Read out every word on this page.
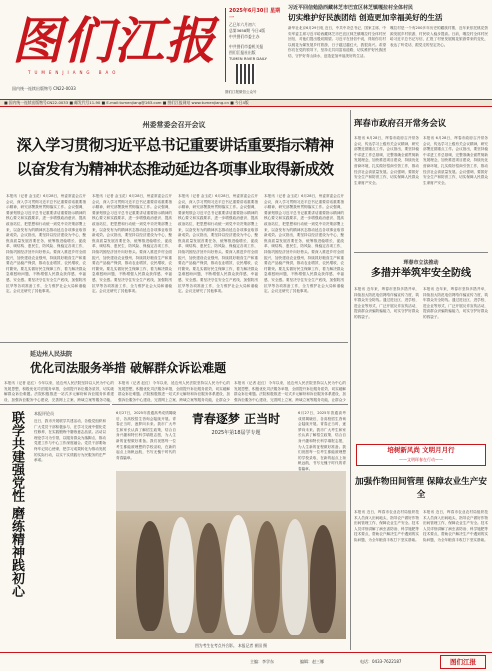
图们江报
TUMENJIANG BAO
国内统一连续出版物号 CN22-0033
2025年6月30日 星期一
乙巳年六月初六
总第3658期 今日4版
中共图们市委主办
中共图们市委机关报
图们江报社出版
TUMEN RIVER DAILY
图们江报微信公众号
习近平回信勉励西藏林芝市巴宜区林芝镇嘎拉村全体村民
切实维护好民族团结 创造更加幸福美好的生活
新华社北京6月29日电 近日，中共中央总书记、国家主席、中央军委主席习近平给西藏林芝市巴宜区林芝镇嘎拉村全体村民回信，对他们提出殷切期望。习近平在回信中说，得知你们村以桃花为媒发展乡村旅游，日子越过越红火，我很高兴。希望你们在党的领导下，坚持走共同富裕道路，切实维护好民族团结，守护好青山绿水，创造更加幸福美好的生活。
嘎拉村是一个有200多年历史的藏族村寨，近年来依托桃花资源发展乡村旅游，村民收入稳步提高。日前，嘎拉村全体村民给习近平总书记写信，汇报了村里发展桃花旅游带来的变化，表达了听党话、跟党走的坚定决心。
■ 国内统一连续出版物号CN22-0033 ■ 邮发代号11-90 ■ E-mail:tumenjiang@163.com ■ 图们江报网站 www.tumenjiang.cn ■ 今日4版
州委常委会召开会议
深入学习贯彻习近平总书记重要讲话重要指示精神
以奋发有为精神状态推动延边各项事业取得新成效
本报讯（记者 金玉花）6月28日，州委常委会召开会议，深入学习贯彻习近平总书记重要讲话重要指示精神，研究部署我州贯彻落实工作。会议强调，要深刻领会习近平总书记重要讲话重要指示精神的核心要义和实践要求，进一步增强政治意识、提高政治站位，把思想和行动统一到党中央决策部署上来，以奋发有为的精神状态推动延边各项事业取得新成效。会议指出，要坚持以经济建设为中心，聚焦高质量发展首要任务，统筹推进稳增长、促改革、调结构、惠民生、防风险、保稳定各项工作，持续巩固经济回升向好势头。要深入推进乡村全面振兴，加快建设农业强州，持续抓好粮食生产和重要农产品稳产保供，推动农业增效、农民增收、农村繁荣。要扎实做好民生保障工作，着力解决群众急难愁盼问题，不断增强人民群众获得感、幸福感、安全感。要坚决守住安全生产底线，加强防汛抗旱等各项准备工作，全力维护社会大局和谐稳定。会议还研究了其他事项。
本报讯（记者 金玉花）6月28日，州委常委会召开会议，深入学习贯彻习近平总书记重要讲话重要指示精神，研究部署我州贯彻落实工作。会议强调，要深刻领会习近平总书记重要讲话重要指示精神的核心要义和实践要求，进一步增强政治意识、提高政治站位，把思想和行动统一到党中央决策部署上来，以奋发有为的精神状态推动延边各项事业取得新成效。会议指出，要坚持以经济建设为中心，聚焦高质量发展首要任务，统筹推进稳增长、促改革、调结构、惠民生、防风险、保稳定各项工作，持续巩固经济回升向好势头。要深入推进乡村全面振兴，加快建设农业强州，持续抓好粮食生产和重要农产品稳产保供，推动农业增效、农民增收、农村繁荣。要扎实做好民生保障工作，着力解决群众急难愁盼问题，不断增强人民群众获得感、幸福感、安全感。要坚决守住安全生产底线，加强防汛抗旱等各项准备工作，全力维护社会大局和谐稳定。会议还研究了其他事项。
本报讯（记者 金玉花）6月28日，州委常委会召开会议，深入学习贯彻习近平总书记重要讲话重要指示精神，研究部署我州贯彻落实工作。会议强调，要深刻领会习近平总书记重要讲话重要指示精神的核心要义和实践要求，进一步增强政治意识、提高政治站位，把思想和行动统一到党中央决策部署上来，以奋发有为的精神状态推动延边各项事业取得新成效。会议指出，要坚持以经济建设为中心，聚焦高质量发展首要任务，统筹推进稳增长、促改革、调结构、惠民生、防风险、保稳定各项工作，持续巩固经济回升向好势头。要深入推进乡村全面振兴，加快建设农业强州，持续抓好粮食生产和重要农产品稳产保供，推动农业增效、农民增收、农村繁荣。要扎实做好民生保障工作，着力解决群众急难愁盼问题，不断增强人民群众获得感、幸福感、安全感。要坚决守住安全生产底线，加强防汛抗旱等各项准备工作，全力维护社会大局和谐稳定。会议还研究了其他事项。
本报讯（记者 金玉花）6月28日，州委常委会召开会议，深入学习贯彻习近平总书记重要讲话重要指示精神，研究部署我州贯彻落实工作。会议强调，要深刻领会习近平总书记重要讲话重要指示精神的核心要义和实践要求，进一步增强政治意识、提高政治站位，把思想和行动统一到党中央决策部署上来，以奋发有为的精神状态推动延边各项事业取得新成效。会议指出，要坚持以经济建设为中心，聚焦高质量发展首要任务，统筹推进稳增长、促改革、调结构、惠民生、防风险、保稳定各项工作，持续巩固经济回升向好势头。要深入推进乡村全面振兴，加快建设农业强州，持续抓好粮食生产和重要农产品稳产保供，推动农业增效、农民增收、农村繁荣。要扎实做好民生保障工作，着力解决群众急难愁盼问题，不断增强人民群众获得感、幸福感、安全感。要坚决守住安全生产底线，加强防汛抗旱等各项准备工作，全力维护社会大局和谐稳定。会议还研究了其他事项。
延边州人民法院
优化司法服务举措 破解群众诉讼难题
本报讯（记者 赵红）今年以来，延边州人民法院坚持以人民为中心的发展思想，积极优化司法服务举措，全面提升诉讼服务质效，切实破解群众诉讼难题。法院积极推进一站式多元解纷和诉讼服务体系建设，加强诉讼服务中心建设，完善网上立案、跨域立案等服务功能，
本报讯（记者 赵红）今年以来，延边州人民法院坚持以人民为中心的发展思想，积极优化司法服务举措，全面提升诉讼服务质效，切实破解群众诉讼难题。法院积极推进一站式多元解纷和诉讼服务体系建设，加强诉讼服务中心建设，完善网上立案、跨域立案等服务功能，让群众少
本报讯（记者 赵红）今年以来，延边州人民法院坚持以人民为中心的发展思想，积极优化司法服务举措，全面提升诉讼服务质效，切实破解群众诉讼难题。法院积极推进一站式多元解纷和诉讼服务体系建设，加强诉讼服务中心建设，完善网上立案、跨域立案等服务功能，让群众少
联学共建强党性 磨练精神践初心	本报评论员
近日，我市开展联学共建活动，各级党组织和广大党员干部积极参与，在学习交流中强化党性修养，在实践锻炼中磨练意志品质。活动以理论学习为引领，以服务群众为落脚点，推动党建工作与中心工作深度融合。党员干部要始终牢记初心使命，把学习成果转化为推动发展的实际行动，以实干实绩践行为民服务的庄严承诺。
6月27日，2025年普通高考成绩揭晓后，各高校招生咨询会陆续开展。青春正当时，逐梦向未来。我市广大考生和家长认真了解招生政策，结合自身兴趣和特长科学填报志愿，为人生新的征程做好准备。我们祝愿每一位考生都能被理想的学校录取，在新的起点上扬帆远航，书写无愧于时代的青春篇章。
青春逐梦 正当时
2025年第18届学专题
6月27日，2025年普通高考成绩揭晓后，各高校招生咨询会陆续开展。青春正当时，逐梦向未来。我市广大考生和家长认真了解招生政策，结合自身兴趣和特长科学填报志愿，为人生新的征程做好准备。我们祝愿每一位考生都能被理想的学校录取，在新的起点上扬帆远航，书写无愧于时代的青春篇章。
图为考生在考点外合影。 本报记者 崔国 摄
珲春市政府召开常务会议
本报讯 6月28日，珲春市政府召开常务会议，传达学习上级有关会议精神，研究部署近期重点工作。会议指出，要坚持稳中求进工作总基调，完整准确全面贯彻新发展理念，加快推进项目建设，持续优化营商环境，扎实做好招商引资工作，推动经济社会高质量发展。会议强调，要抓好安全生产和防汛工作，切实保障人民群众生命财产安全。
本报讯 6月28日，珲春市政府召开常务会议，传达学习上级有关会议精神，研究部署近期重点工作。会议指出，要坚持稳中求进工作总基调，完整准确全面贯彻新发展理念，加快推进项目建设，持续优化营商环境，扎实做好招商引资工作，推动经济社会高质量发展。会议强调，要抓好安全生产和防汛工作，切实保障人民群众生命财产安全。
珲春市立法推动
多措并举筑牢安全防线
本报讯 近年来，珲春市坚持多措并举，持续加大防范电信网络诈骗宣传力度，筑牢群众安全防线。通过进社区、进学校、进企业等形式，广泛开展反诈宣传活动，提高群众识骗防骗能力，切实守护好群众的钱袋子。
本报讯 近年来，珲春市坚持多措并举，持续加大防范电信网络诈骗宣传力度，筑牢群众安全防线。通过进社区、进学校、进企业等形式，广泛开展反诈宣传活动，提高群众识骗防骗能力，切实守护好群众的钱袋子。
培树新风尚 文明月月行
——文明珲春在行动——
加强作物田间管理 保障农业生产安全
本报讯 近日，珲春市农业农村局组织技术人员深入田间地头，指导农户做好作物田间管理工作，保障农业生产安全。技术人员详细讲解了病虫害防治、科学施肥等技术要点，帮助农户解决生产中遇到的实际问题，为全年粮食丰收打下坚实基础。
本报讯 近日，珲春市农业农村局组织技术人员深入田间地头，指导农户做好作物田间管理工作，保障农业生产安全。技术人员详细讲解了病虫害防治、科学施肥等技术要点，帮助农户解决生产中遇到的实际问题，为全年粮食丰收打下坚实基础。
主编：李学东	编辑：赵三娜	电话：0433-7622187	图们江报
